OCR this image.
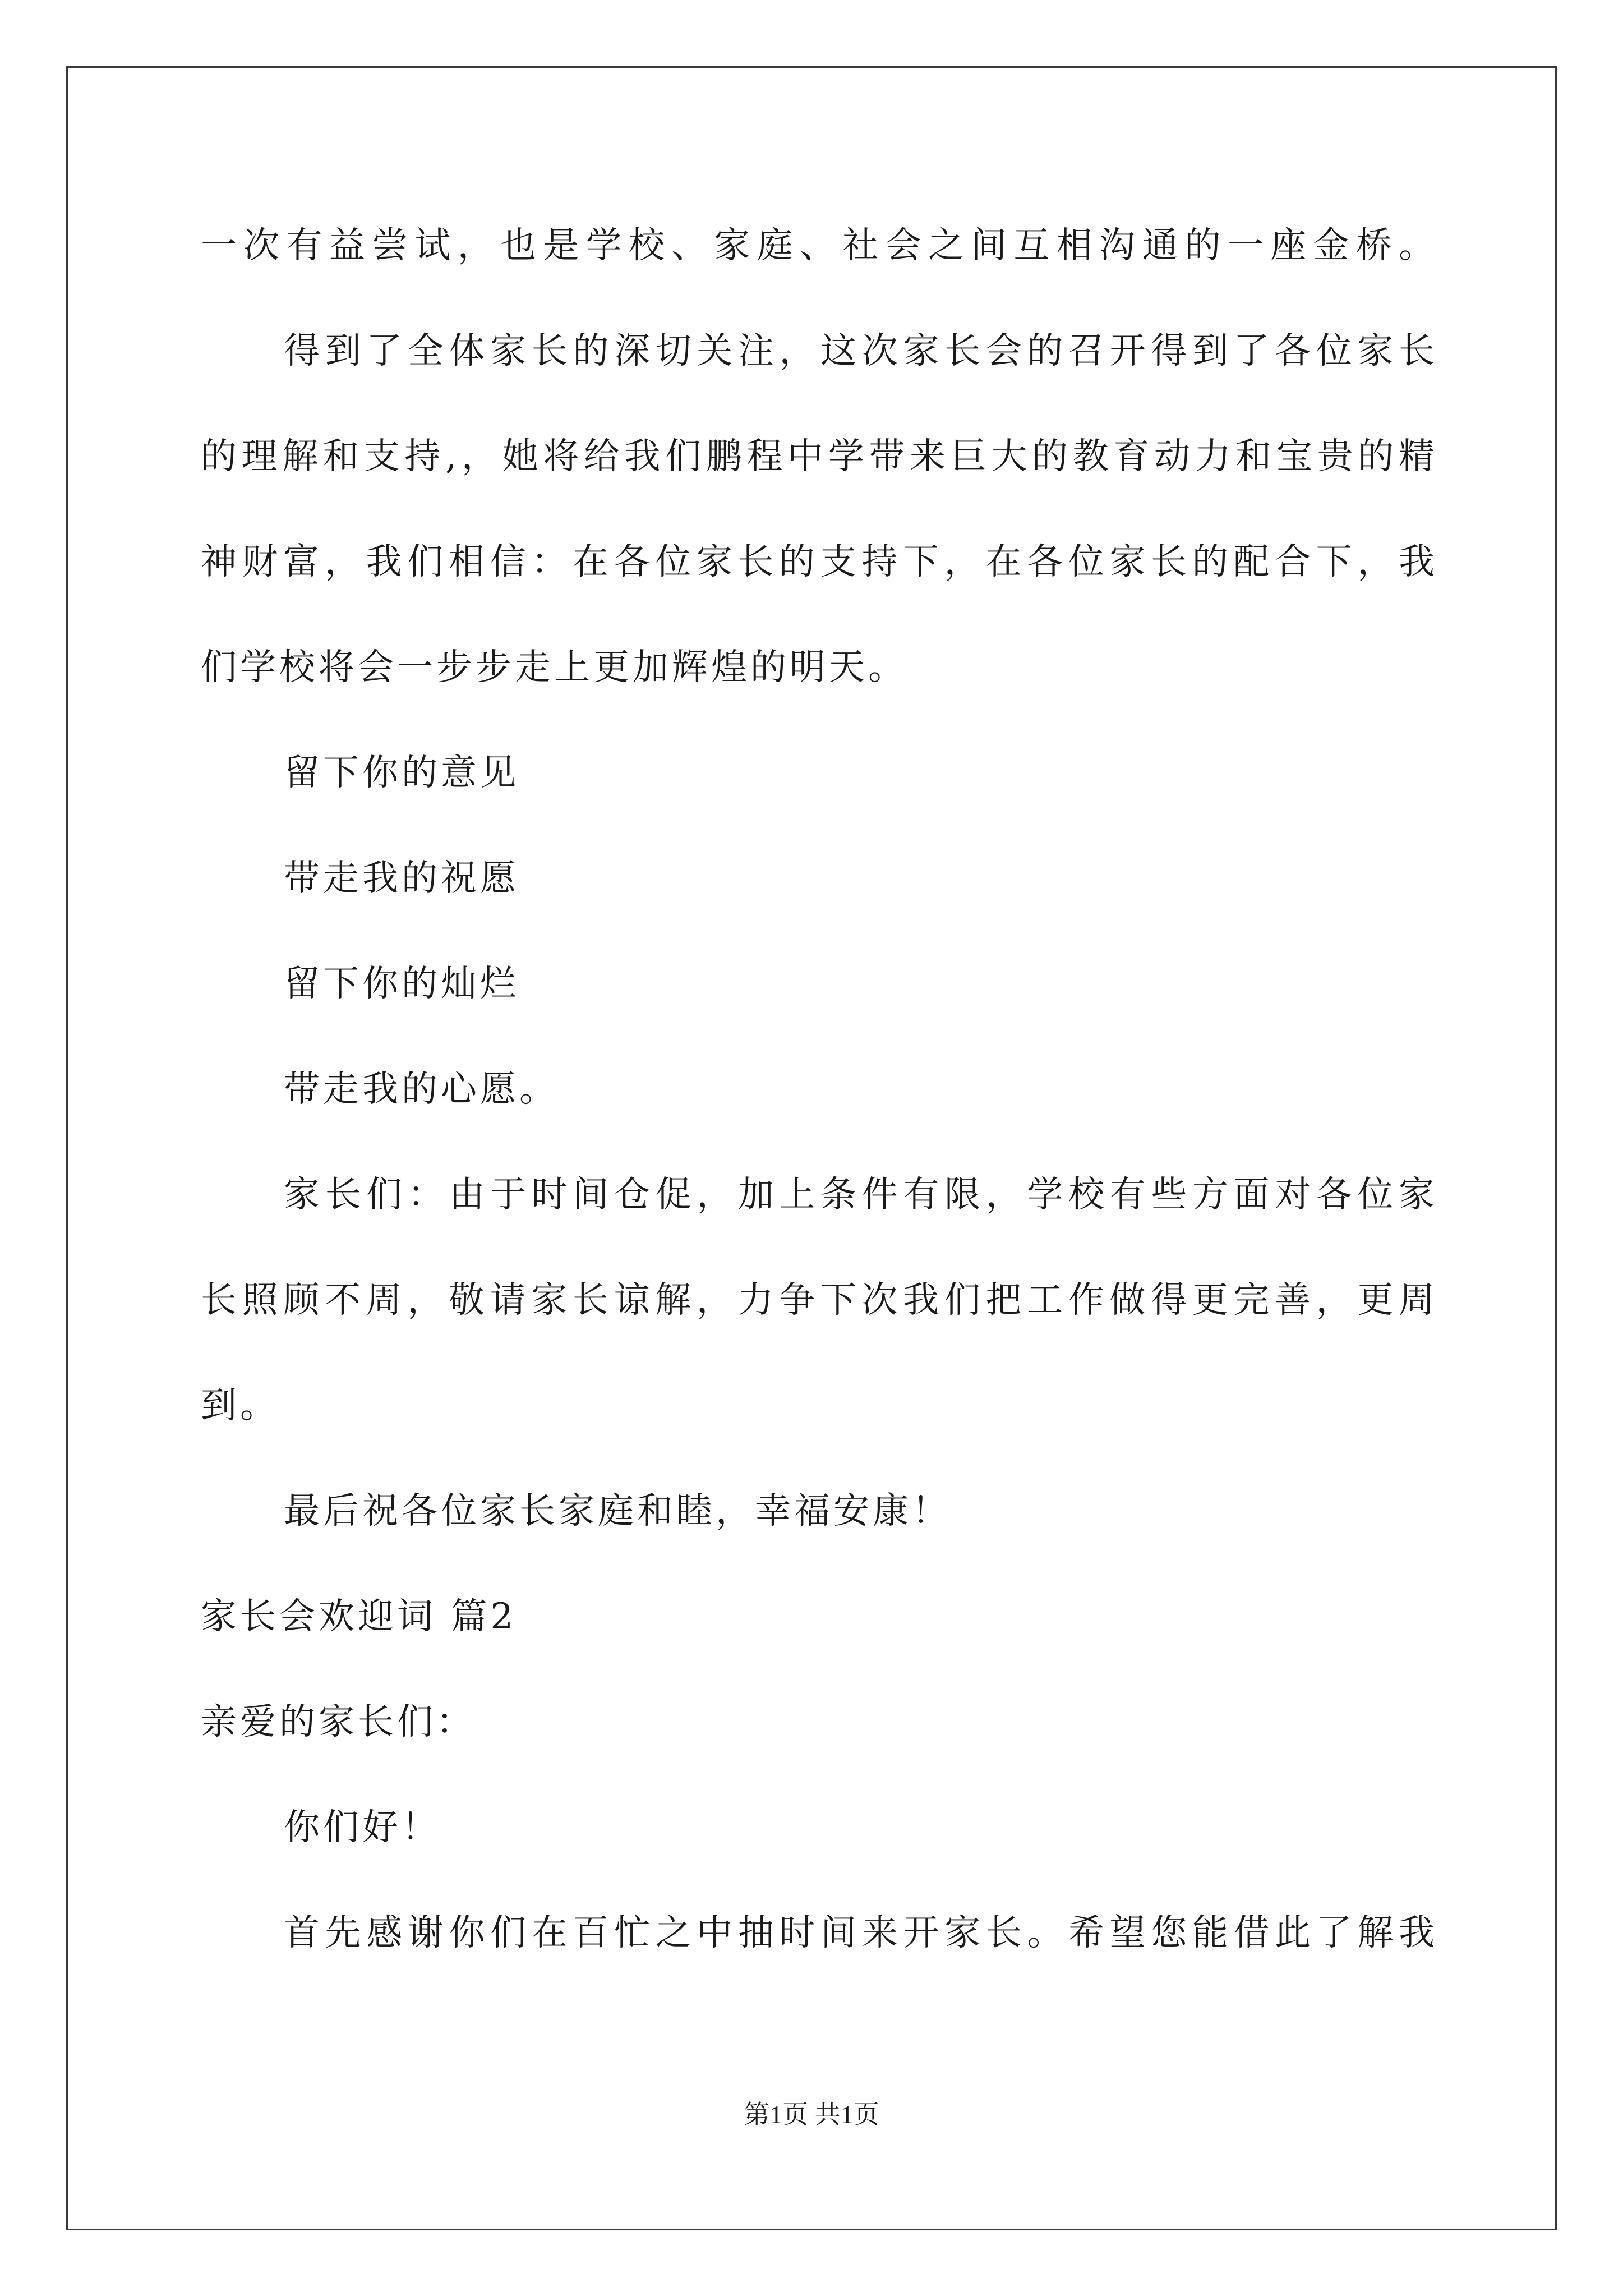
一次有益尝试，也是学校、家庭、社会之间互相沟通的一座金桥。
得到了全体家长的深切关注，这次家长会的召开得到了各位家长
的理解和支持,，她将给我们鹏程中学带来巨大的教育动力和宝贵的精
神财富，我们相信：在各位家长的支持下，在各位家长的配合下，我
们学校将会一步步走上更加辉煌的明天。
留下你的意见
带走我的祝愿
留下你的灿烂
带走我的心愿。
家长们：由于时间仓促，加上条件有限，学校有些方面对各位家
长照顾不周，敬请家长谅解，力争下次我们把工作做得更完善，更周
到。
最后祝各位家长家庭和睦，幸福安康！
家长会欢迎词 篇2
亲爱的家长们：
你们好！
首先感谢你们在百忙之中抽时间来开家长。希望您能借此了解我
第1页 共1页
